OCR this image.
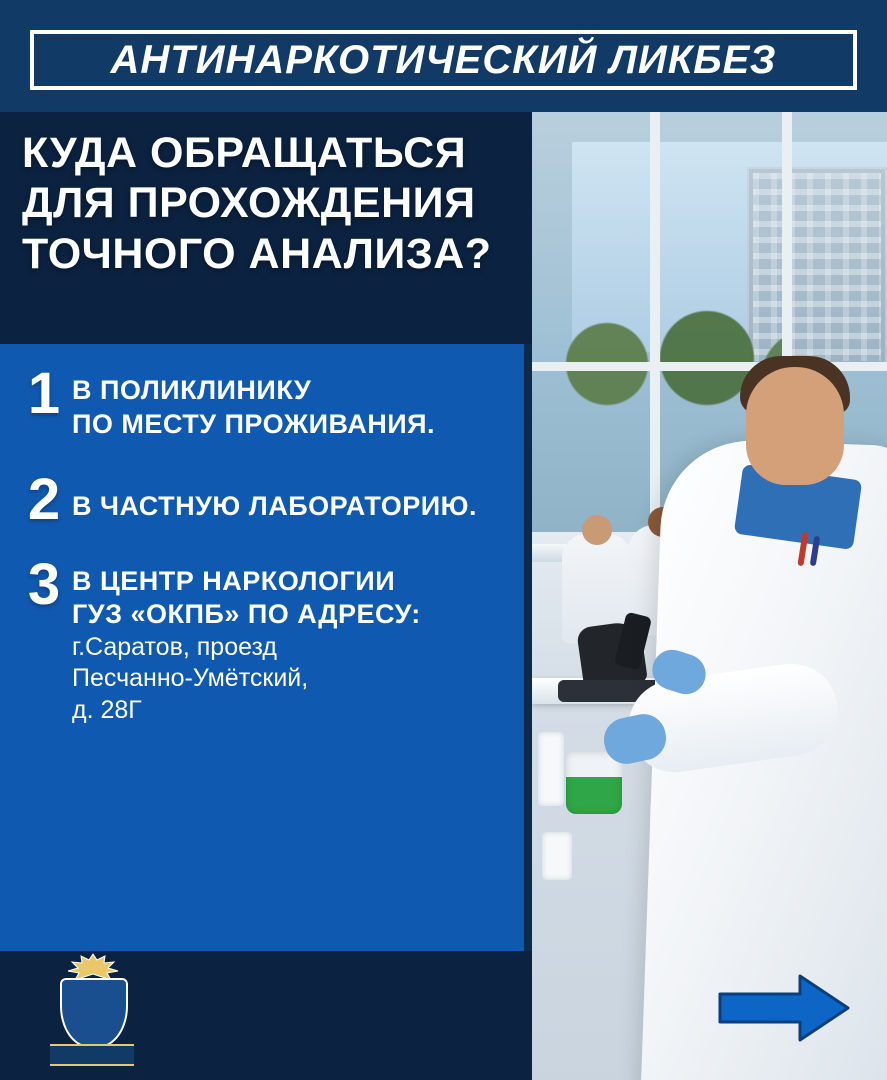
АНТИНАРКОТИЧЕСКИЙ ЛИКБЕЗ
КУДА ОБРАЩАТЬСЯ
ДЛЯ ПРОХОЖДЕНИЯ
ТОЧНОГО АНАЛИЗА?
1 В ПОЛИКЛИНИКУ
ПО МЕСТУ ПРОЖИВАНИЯ.
2 В ЧАСТНУЮ ЛАБОРАТОРИЮ.
3 В ЦЕНТР НАРКОЛОГИИ
ГУЗ «ОКПБ» ПО АДРЕСУ:
г.Саратов, проезд
Песчанно-Умётский,
д. 28Г
